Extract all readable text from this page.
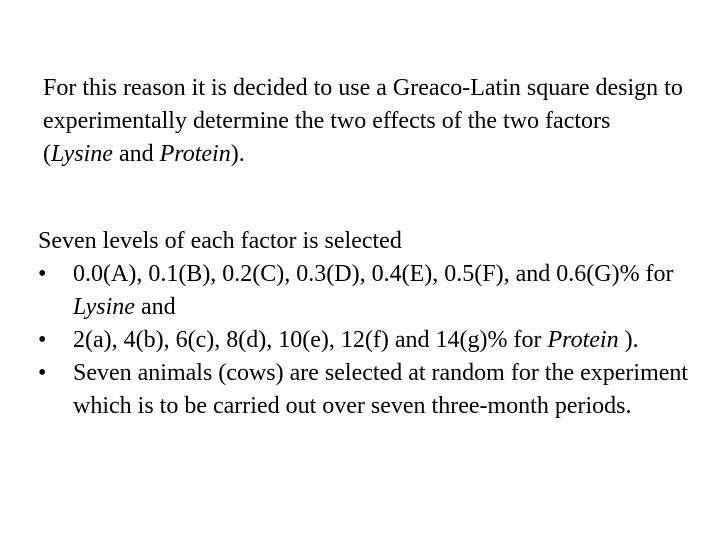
For this reason it is decided to use a Greaco-Latin square design to experimentally determine the two effects of the two factors (Lysine and Protein).

Seven levels of each factor is selected

•	0.0(A), 0.1(B), 0.2(C), 0.3(D), 0.4(E), 0.5(F), and 0.6(G)% for Lysine and
•	2(a), 4(b), 6(c), 8(d), 10(e), 12(f) and 14(g)% for Protein ).
•	Seven animals (cows) are selected at random for the experiment which is to be carried out over seven three-month periods.
